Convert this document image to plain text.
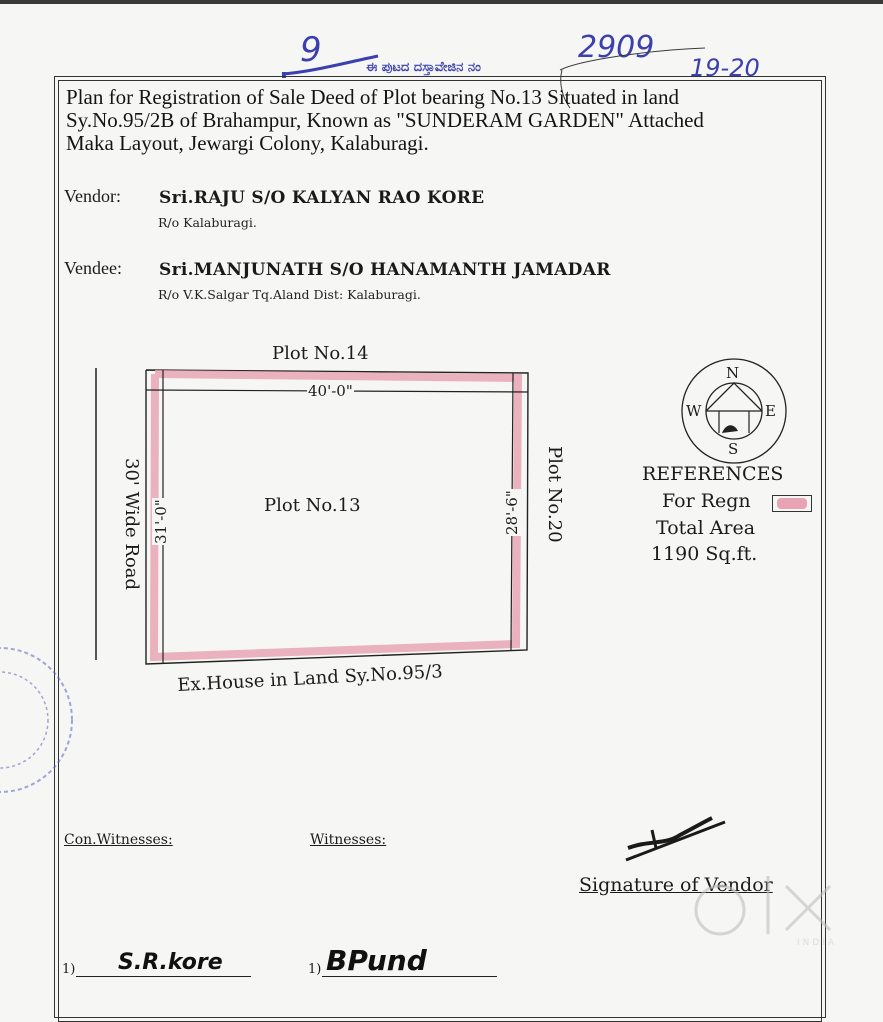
9	ಈ ಪುಟದ ದಸ್ತಾವೇಜಿನ ನಂ
2909
19-20
Plan for Registration of Sale Deed of Plot bearing No.13 Situated in land
Sy.No.95/2B of Brahampur, Known as "SUNDERAM GARDEN" Attached
Maka Layout, Jewargi Colony, Kalaburagi.
Vendor: Sri.RAJU S/O KALYAN RAO KORE
R/o Kalaburagi.
Vendee: Sri.MANJUNATH S/O HANAMANTH JAMADAR
R/o V.K.Salgar Tq.Aland Dist: Kalaburagi.
Plot No.14
40'-0"
Plot No.13
30' Wide Road 31'-0"	28'-6" Plot No.20
Ex.House in Land Sy.No.95/3
N
S
W	E
REFERENCES
For Regn
Total Area
1190 Sq.ft.
Con.Witnesses:	Witnesses:
1) S.R.kore	1) BPund
Signature of Vendor
INDIA
